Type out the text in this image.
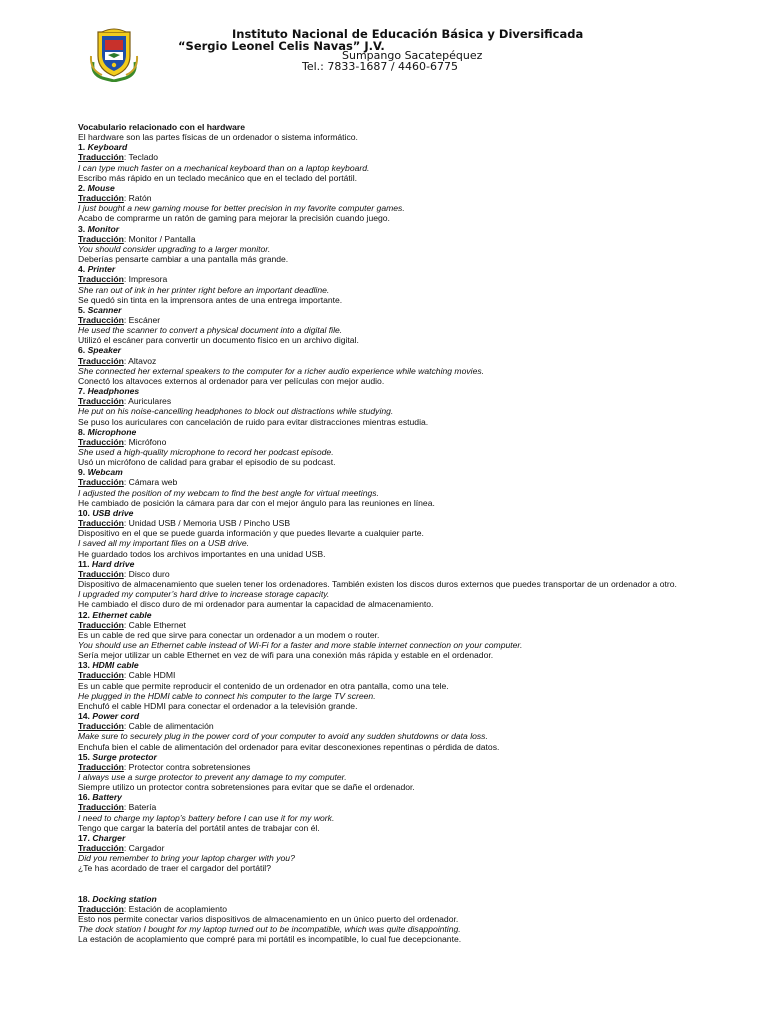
Instituto Nacional de Educación Básica y Diversificada
“Sergio Leonel Celis Navas” J.V.
Sumpango Sacatepéquez
Tel.: 7833-1687 / 4460-6775
Vocabulario relacionado con el hardware
El hardware son las partes físicas de un ordenador o sistema informático.
1. Keyboard
Traducción: Teclado
I can type much faster on a mechanical keyboard than on a laptop keyboard.
Escribo más rápido en un teclado mecánico que en el teclado del portátil.
2. Mouse
Traducción: Ratón
I just bought a new gaming mouse for better precision in my favorite computer games.
Acabo de comprarme un ratón de gaming para mejorar la precisión cuando juego.
3. Monitor
Traducción: Monitor / Pantalla
You should consider upgrading to a larger monitor.
Deberías pensarte cambiar a una pantalla más grande.
4. Printer
Traducción: Impresora
She ran out of ink in her printer right before an important deadline.
Se quedó sin tinta en la imprensora antes de una entrega importante.
5. Scanner
Traducción: Escáner
He used the scanner to convert a physical document into a digital file.
Utilizó el escáner para convertir un documento físico en un archivo digital.
6. Speaker
Traducción: Altavoz
She connected her external speakers to the computer for a richer audio experience while watching movies.
Conectó los altavoces externos al ordenador para ver películas con mejor audio.
7. Headphones
Traducción: Auriculares
He put on his noise-cancelling headphones to block out distractions while studying.
Se puso los auriculares con cancelación de ruido para evitar distracciones mientras estudia.
8. Microphone
Traducción: Micrófono
She used a high-quality microphone to record her podcast episode.
Usó un micrófono de calidad para grabar el episodio de su podcast.
9. Webcam
Traducción: Cámara web
I adjusted the position of my webcam to find the best angle for virtual meetings.
He cambiado de posición la cámara para dar con el mejor ángulo para las reuniones en línea.
10. USB drive
Traducción: Unidad USB / Memoria USB / Pincho USB
Dispositivo en el que se puede guarda información y que puedes llevarte a cualquier parte.
I saved all my important files on a USB drive.
He guardado todos los archivos importantes en una unidad USB.
11. Hard drive
Traducción: Disco duro
Dispositivo de almacenamiento que suelen tener los ordenadores. También existen los discos duros externos que puedes transportar de un ordenador a otro.
I upgraded my computer’s hard drive to increase storage capacity.
He cambiado el disco duro de mi ordenador para aumentar la capacidad de almacenamiento.
12. Ethernet cable
Traducción: Cable Ethernet
Es un cable de red que sirve para conectar un ordenador a un modem o router.
You should use an Ethernet cable instead of Wi-Fi for a faster and more stable internet connection on your computer.
Sería mejor utilizar un cable Ethernet en vez de wifi para una conexión más rápida y estable en el ordenador.
13. HDMI cable
Traducción: Cable HDMI
Es un cable que permite reproducir el contenido de un ordenador en otra pantalla, como una tele.
He plugged in the HDMI cable to connect his computer to the large TV screen.
Enchufó el cable HDMI para conectar el ordenador a la televisión grande.
14. Power cord
Traducción: Cable de alimentación
Make sure to securely plug in the power cord of your computer to avoid any sudden shutdowns or data loss.
Enchufa bien el cable de alimentación del ordenador para evitar desconexiones repentinas o pérdida de datos.
15. Surge protector
Traducción: Protector contra sobretensiones
I always use a surge protector to prevent any damage to my computer.
Siempre utilizo un protector contra sobretensiones para evitar que se dañe el ordenador.
16. Battery
Traducción: Batería
I need to charge my laptop’s battery before I can use it for my work.
Tengo que cargar la batería del portátil antes de trabajar con él.
17. Charger
Traducción: Cargador
Did you remember to bring your laptop charger with you?
¿Te has acordado de traer el cargador del portátil?
18. Docking station
Traducción: Estación de acoplamiento
Esto nos permite conectar varios dispositivos de almacenamiento en un único puerto del ordenador.
The dock station I bought for my laptop turned out to be incompatible, which was quite disappointing.
La estación de acoplamiento que compré para mi portátil es incompatible, lo cual fue decepcionante.
